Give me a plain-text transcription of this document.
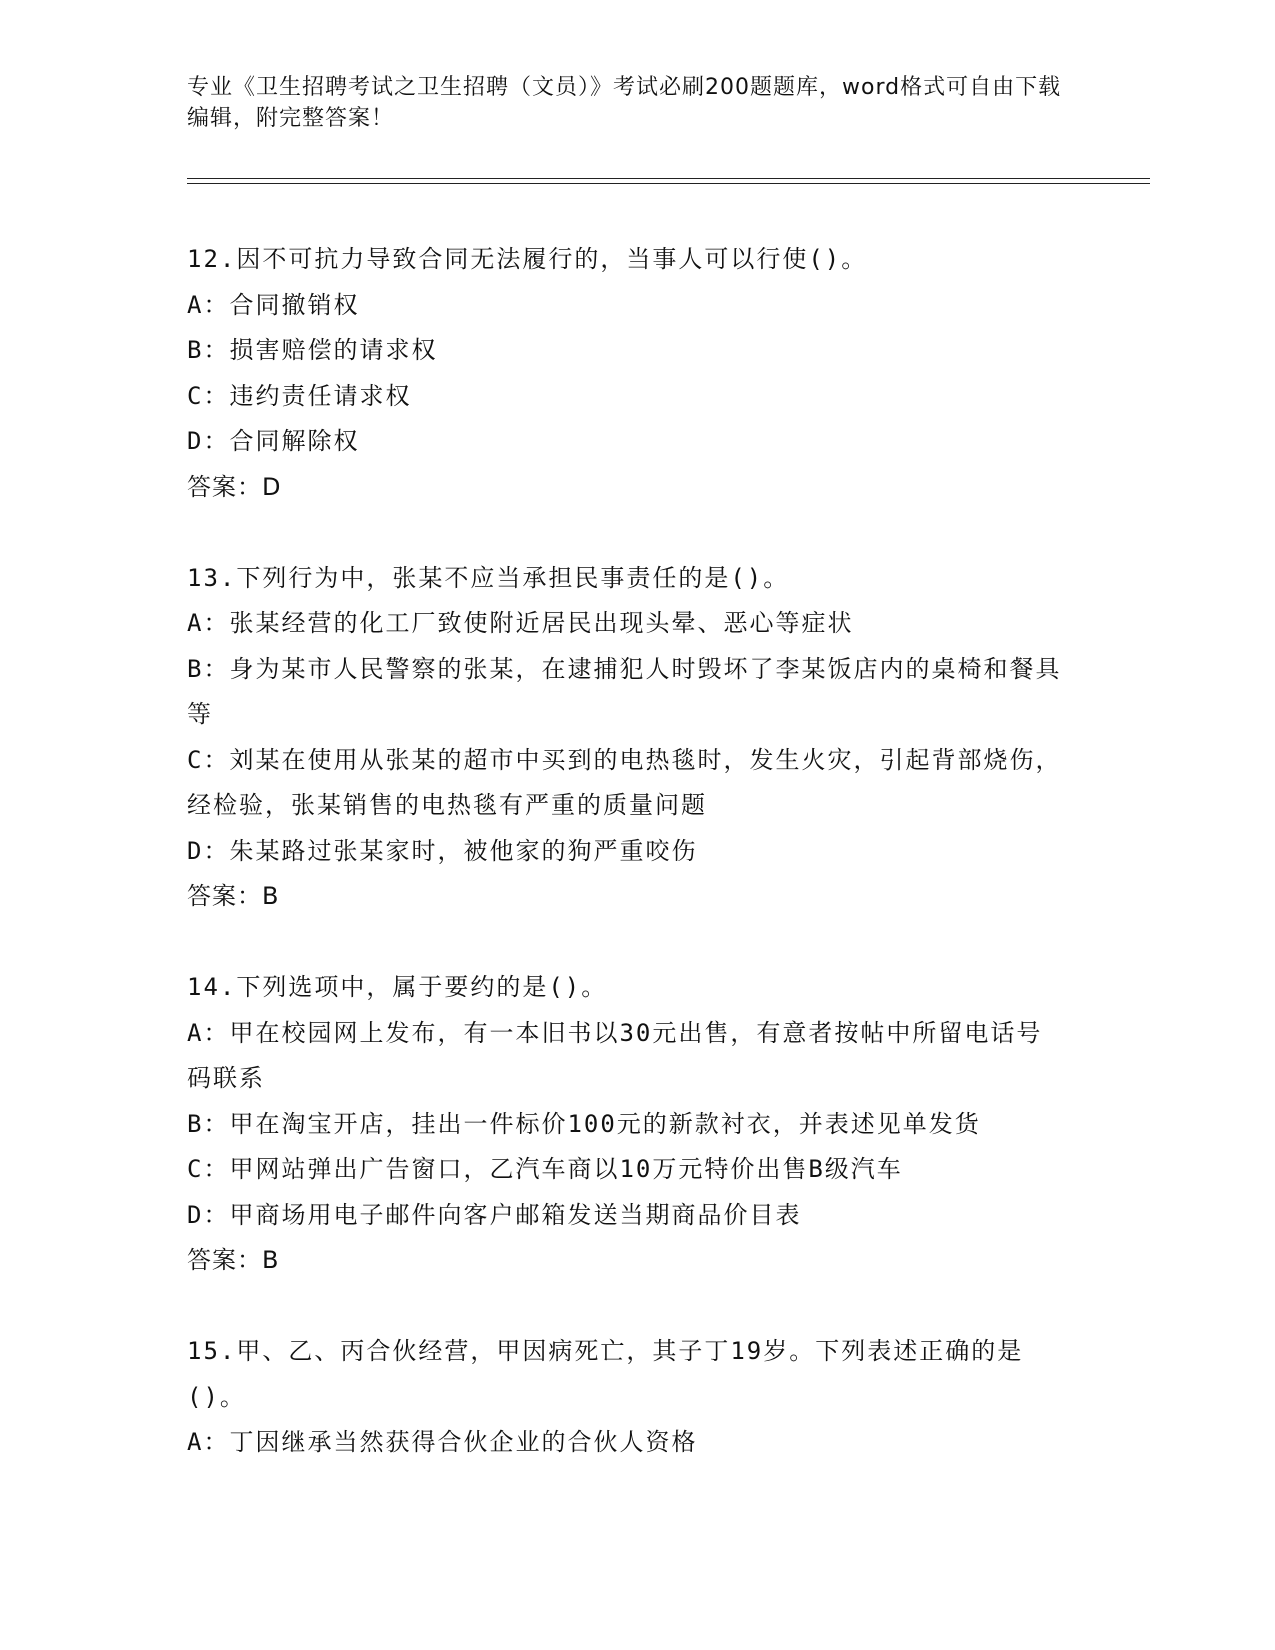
专业《卫生招聘考试之卫生招聘（文员）》考试必刷200题题库，word格式可自由下载编辑，附完整答案！

12.因不可抗力导致合同无法履行的，当事人可以行使()。

A：合同撤销权

B：损害赔偿的请求权

C：违约责任请求权

D：合同解除权

答案：D

13.下列行为中，张某不应当承担民事责任的是()。

A：张某经营的化工厂致使附近居民出现头晕、恶心等症状

B：身为某市人民警察的张某，在逮捕犯人时毁坏了李某饭店内的桌椅和餐具等

C：刘某在使用从张某的超市中买到的电热毯时，发生火灾，引起背部烧伤，经检验，张某销售的电热毯有严重的质量问题

D：朱某路过张某家时，被他家的狗严重咬伤

答案：B

14.下列选项中，属于要约的是()。

A：甲在校园网上发布，有一本旧书以30元出售，有意者按帖中所留电话号码联系

B：甲在淘宝开店，挂出一件标价100元的新款衬衣，并表述见单发货

C：甲网站弹出广告窗口，乙汽车商以10万元特价出售B级汽车

D：甲商场用电子邮件向客户邮箱发送当期商品价目表

答案：B

15.甲、乙、丙合伙经营，甲因病死亡，其子丁19岁。下列表述正确的是()。

A：丁因继承当然获得合伙企业的合伙人资格
